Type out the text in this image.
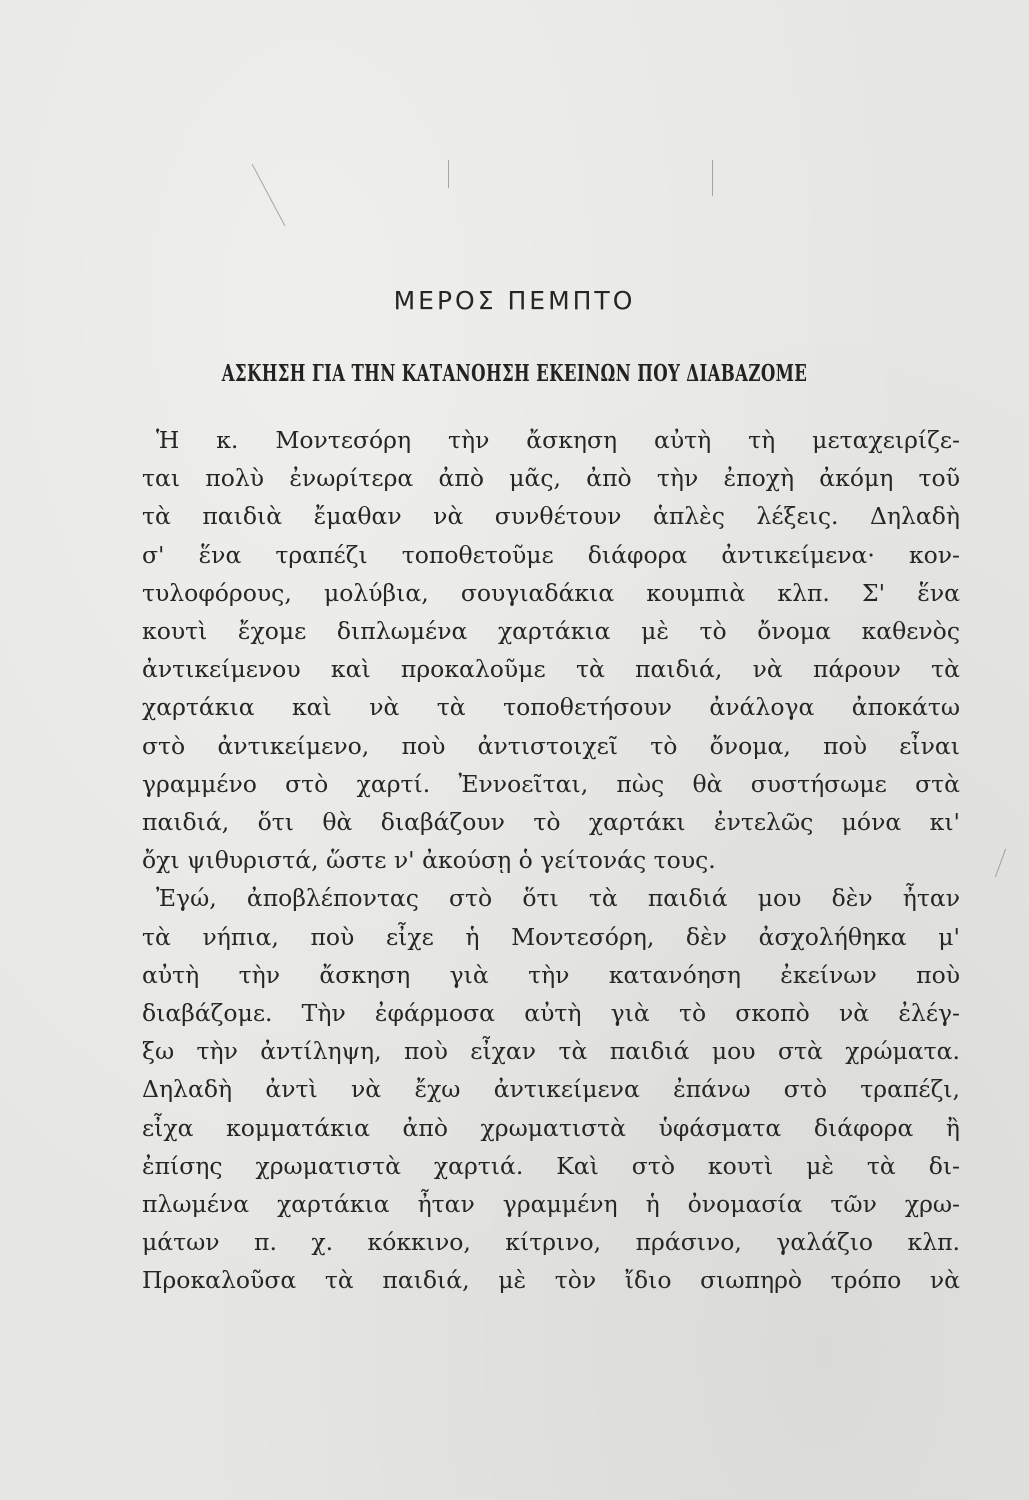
ΜΕΡΟΣ ΠΕΜΠΤΟ
ΑΣΚΗΣΗ ΓΙΑ ΤΗΝ ΚΑΤΑΝΟΗΣΗ ΕΚΕΙΝΩΝ ΠΟΥ ΔΙΑΒΑΖΟΜΕ
Ἡ κ. Μοντεσόρη τὴν ἄσκηση αὐτὴ τὴ μεταχειρίζε-
ται πολὺ ἐνωρίτερα ἀπὸ μᾶς, ἀπὸ τὴν ἐποχὴ ἀκόμη τοῦ
τὰ παιδιὰ ἔμαθαν νὰ συνθέτουν ἁπλὲς λέξεις. Δηλαδὴ
σ' ἕνα τραπέζι τοποθετοῦμε διάφορα ἀντικείμενα· κον-
τυλοφόρους, μολύβια, σουγιαδάκια κουμπιὰ κλπ. Σ' ἕνα
κουτὶ ἔχομε διπλωμένα χαρτάκια μὲ τὸ ὄνομα καθενὸς
ἀντικείμενου καὶ προκαλοῦμε τὰ παιδιά, νὰ πάρουν τὰ
χαρτάκια καὶ νὰ τὰ τοποθετήσουν ἀνάλογα ἀποκάτω
στὸ ἀντικείμενο, ποὺ ἀντιστοιχεῖ τὸ ὄνομα, ποὺ εἶναι
γραμμένο στὸ χαρτί. Ἐννοεῖται, πὼς θὰ συστήσωμε στὰ
παιδιά, ὅτι θὰ διαβάζουν τὸ χαρτάκι ἐντελῶς μόνα κι'
ὄχι ψιθυριστά, ὥστε ν' ἀκούσῃ ὁ γείτονάς τους.
Ἐγώ, ἀποβλέποντας στὸ ὅτι τὰ παιδιά μου δὲν ἦταν
τὰ νήπια, ποὺ εἶχε ἡ Μοντεσόρη, δὲν ἀσχολήθηκα μ'
αὐτὴ τὴν ἄσκηση γιὰ τὴν κατανόηση ἐκείνων ποὺ
διαβάζομε. Τὴν ἐφάρμοσα αὐτὴ γιὰ τὸ σκοπὸ νὰ ἐλέγ-
ξω τὴν ἀντίληψη, ποὺ εἶχαν τὰ παιδιά μου στὰ χρώματα.
Δηλαδὴ ἀντὶ νὰ ἔχω ἀντικείμενα ἐπάνω στὸ τραπέζι,
εἶχα κομματάκια ἀπὸ χρωματιστὰ ὑφάσματα διάφορα ἢ
ἐπίσης χρωματιστὰ χαρτιά. Καὶ στὸ κουτὶ μὲ τὰ δι-
πλωμένα χαρτάκια ἦταν γραμμένη ἡ ὀνομασία τῶν χρω-
μάτων π. χ. κόκκινο, κίτρινο, πράσινο, γαλάζιο κλπ.
Προκαλοῦσα τὰ παιδιά, μὲ τὸν ἴδιο σιωπηρὸ τρόπο νὰ
